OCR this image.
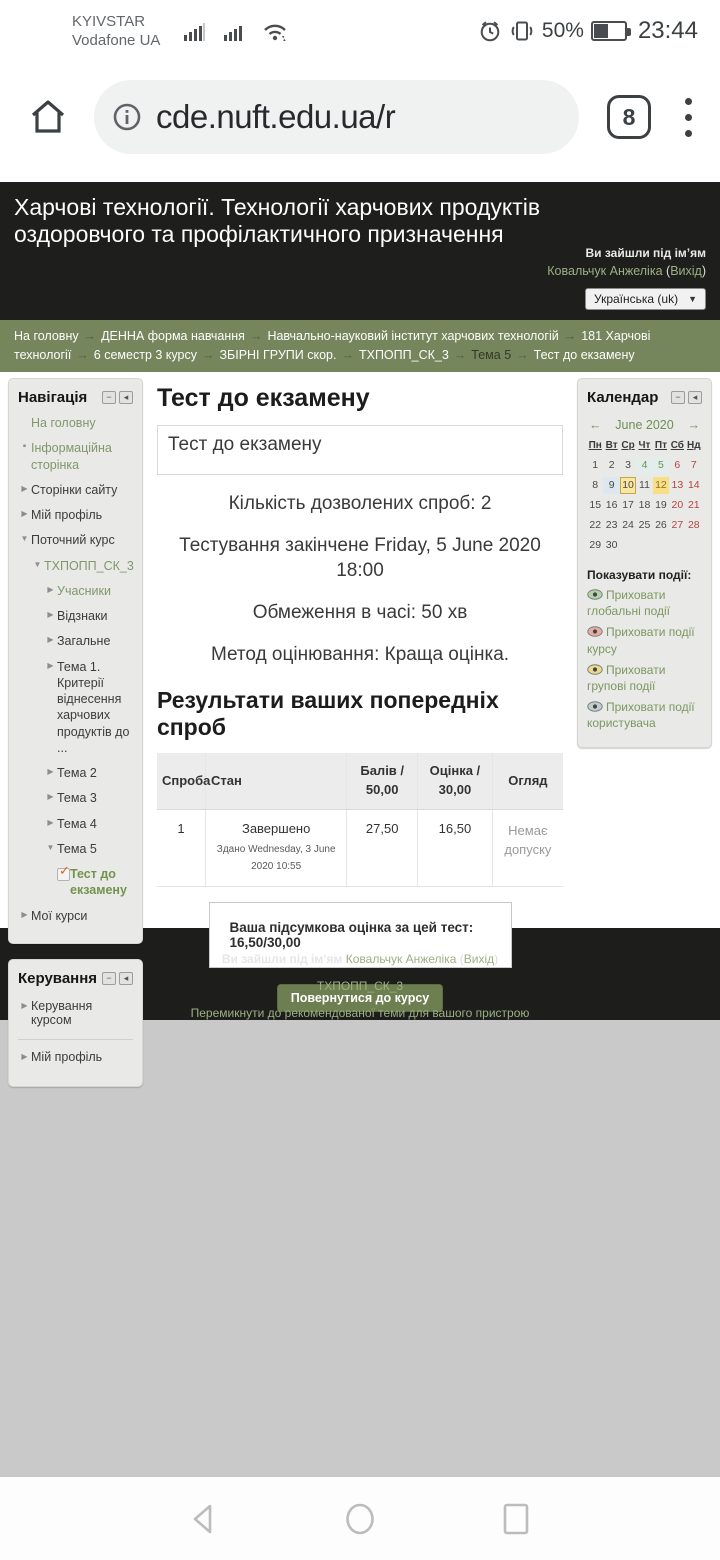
KYIVSTAR
Vodafone UA	50% 23:44
cde.nuft.edu.ua/r	8
Харчові технології. Технології харчових продуктів оздоровчого та профілактичного призначення
Ви зайшли під ім’ям
Ковальчук Анжеліка (Вихід)
Українська (uk) ▼
На головну → ДЕННА форма навчання → Навчально-науковий інститут харчових технологій → 181 Харчові технології → 6 семестр 3 курсу → ЗБІРНІ ГРУПИ скор. → ТХПОПП_СК_3 → Тема 5 → Тест до екзамену
Навігація	−	◂
На головну
▪ Інформаційна сторінка
▶ Сторінки сайту
▶ Мій профіль
▼ Поточний курс
▼ ТХПОПП_СК_3
▶ Учасники
▶ Відзнаки
▶ Загальне
▶ Тема 1. Критерії віднесення харчових продуктів до ...
▶ Тема 2
▶ Тема 3
▶ Тема 4
▼ Тема 5
✓
Тест до екзамену
▶ Мої курси
Керування	−	◂
▶ Керування курсом
▶ Мій профіль
Тест до екзамену
Тест до екзамену

Кількість дозволених спроб: 2

Тестування закінчене Friday, 5 June 2020 18:00

Обмеження в часі: 50 хв

Метод оцінювання: Краща оцінка.

Результати ваших попередніх спроб
Спроба	Стан	Балів / 50,00	Оцінка / 30,00	Огляд
1	Завершено
Здано Wednesday, 3 June 2020 10:55	27,50	16,50	Немає допуску
Ваша підсумкова оцінка за цей тест: 16,50/30,00
Повернутися до курсу
Календар	−	◂
←	June 2020	→
Пн Вт Ср Чт Пт Сб Нд
1	2	3	4	5	6	7
8	9 10 11 12 13 14
15 16 17 18 19 20 21
22 23 24 25 26 27 28
29 30
Показувати події:
Приховати глобальні події
Приховати події курсу
Приховати групові події
Приховати події користувача
Ви зайшли під ім’ям Ковальчук Анжеліка (Вихід)
ТХПОПП_СК_3
Перемикнути до рекомендованої теми для вашого пристрою
